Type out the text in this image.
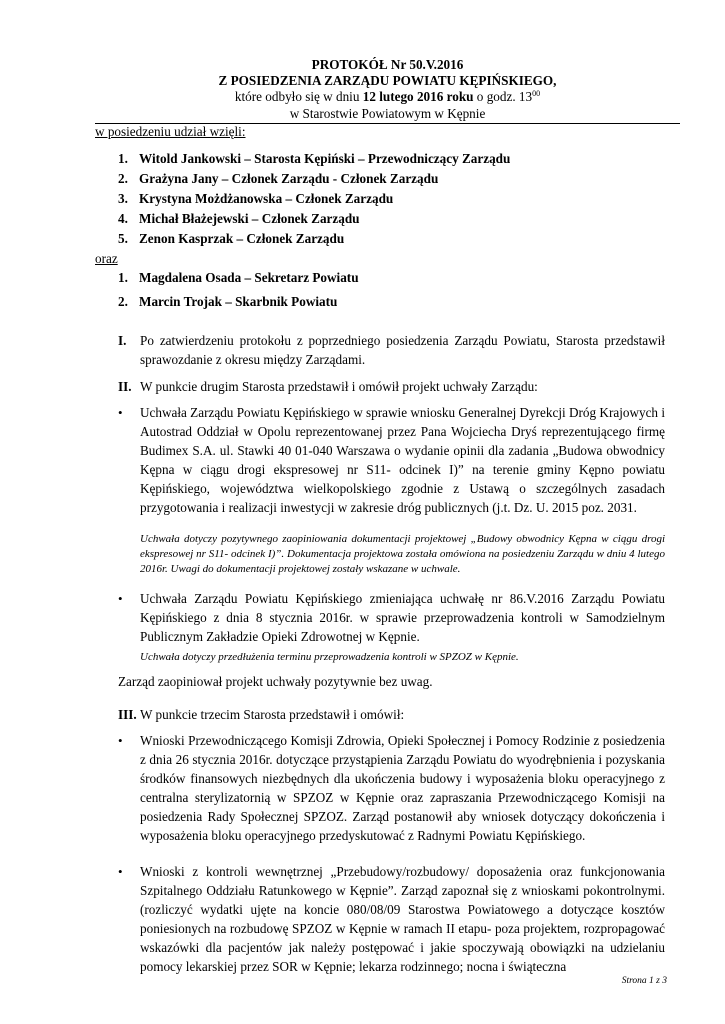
PROTOKÓŁ Nr 50.V.2016
Z POSIEDZENIA ZARZĄDU POWIATU KĘPIŃSKIEGO,
które odbyło się w dniu 12 lutego 2016 roku o godz. $13^{00}$
w Starostwie Powiatowym w Kępnie
w posiedzeniu udział wzięli:
1. Witold Jankowski – Starosta Kępiński – Przewodniczący Zarządu
2. Grażyna Jany – Członek Zarządu - Członek Zarządu
3. Krystyna Możdżanowska – Członek Zarządu
4. Michał Błażejewski – Członek Zarządu
5. Zenon Kasprzak – Członek Zarządu
oraz
1. Magdalena Osada – Sekretarz Powiatu
2. Marcin Trojak – Skarbnik Powiatu
I. Po zatwierdzeniu protokołu z poprzedniego posiedzenia Zarządu Powiatu, Starosta przedstawił sprawozdanie z okresu między Zarządami.
II. W punkcie drugim Starosta przedstawił i omówił projekt uchwały Zarządu:
• Uchwała Zarządu Powiatu Kępińskiego w sprawie wniosku Generalnej Dyrekcji Dróg Krajowych i Autostrad Oddział w Opolu reprezentowanej przez Pana Wojciecha Dryś reprezentującego firmę Budimex S.A. ul. Stawki 40 01-040 Warszawa o wydanie opinii dla zadania „Budowa obwodnicy Kępna w ciągu drogi ekspresowej nr S11- odcinek I)” na terenie gminy Kępno powiatu Kępińskiego, województwa wielkopolskiego zgodnie z Ustawą o szczególnych zasadach przygotowania i realizacji inwestycji w zakresie dróg publicznych (j.t. Dz. U. 2015 poz. 2031.
Uchwała dotyczy pozytywnego zaopiniowania dokumentacji projektowej „Budowy obwodnicy Kępna w ciągu drogi ekspresowej nr S11- odcinek I)”. Dokumentacja projektowa została omówiona na posiedzeniu Zarządu w dniu 4 lutego 2016r. Uwagi do dokumentacji projektowej zostały wskazane w uchwale.
• Uchwała Zarządu Powiatu Kępińskiego zmieniająca uchwałę nr 86.V.2016 Zarządu Powiatu Kępińskiego z dnia 8 stycznia 2016r. w sprawie przeprowadzenia kontroli w Samodzielnym Publicznym Zakładzie Opieki Zdrowotnej w Kępnie.
Uchwała dotyczy przedłużenia terminu przeprowadzenia kontroli w SPZOZ w Kępnie.
Zarząd zaopiniował projekt uchwały pozytywnie bez uwag.
III. W punkcie trzecim Starosta przedstawił i omówił:
• Wnioski Przewodniczącego Komisji Zdrowia, Opieki Społecznej i Pomocy Rodzinie z posiedzenia z dnia 26 stycznia 2016r. dotyczące przystąpienia Zarządu Powiatu do wyodrębnienia i pozyskania środków finansowych niezbędnych dla ukończenia budowy i wyposażenia bloku operacyjnego z centralna sterylizatornią w SPZOZ w Kępnie oraz zapraszania Przewodniczącego Komisji na posiedzenia Rady Społecznej SPZOZ. Zarząd postanowił aby wniosek dotyczący dokończenia i wyposażenia bloku operacyjnego przedyskutować z Radnymi Powiatu Kępińskiego.
• Wnioski z kontroli wewnętrznej „Przebudowy/rozbudowy/ doposażenia oraz funkcjonowania Szpitalnego Oddziału Ratunkowego w Kępnie”. Zarząd zapoznał się z wnioskami pokontrolnymi. (rozliczyć wydatki ujęte na koncie 080/08/09 Starostwa Powiatowego a dotyczące kosztów poniesionych na rozbudowę SPZOZ w Kępnie w ramach II etapu- poza projektem, rozpropagować wskazówki dla pacjentów jak należy postępować i jakie spoczywają obowiązki na udzielaniu pomocy lekarskiej przez SOR w Kępnie; lekarza rodzinnego; nocna i świąteczna
Strona 1 z 3
